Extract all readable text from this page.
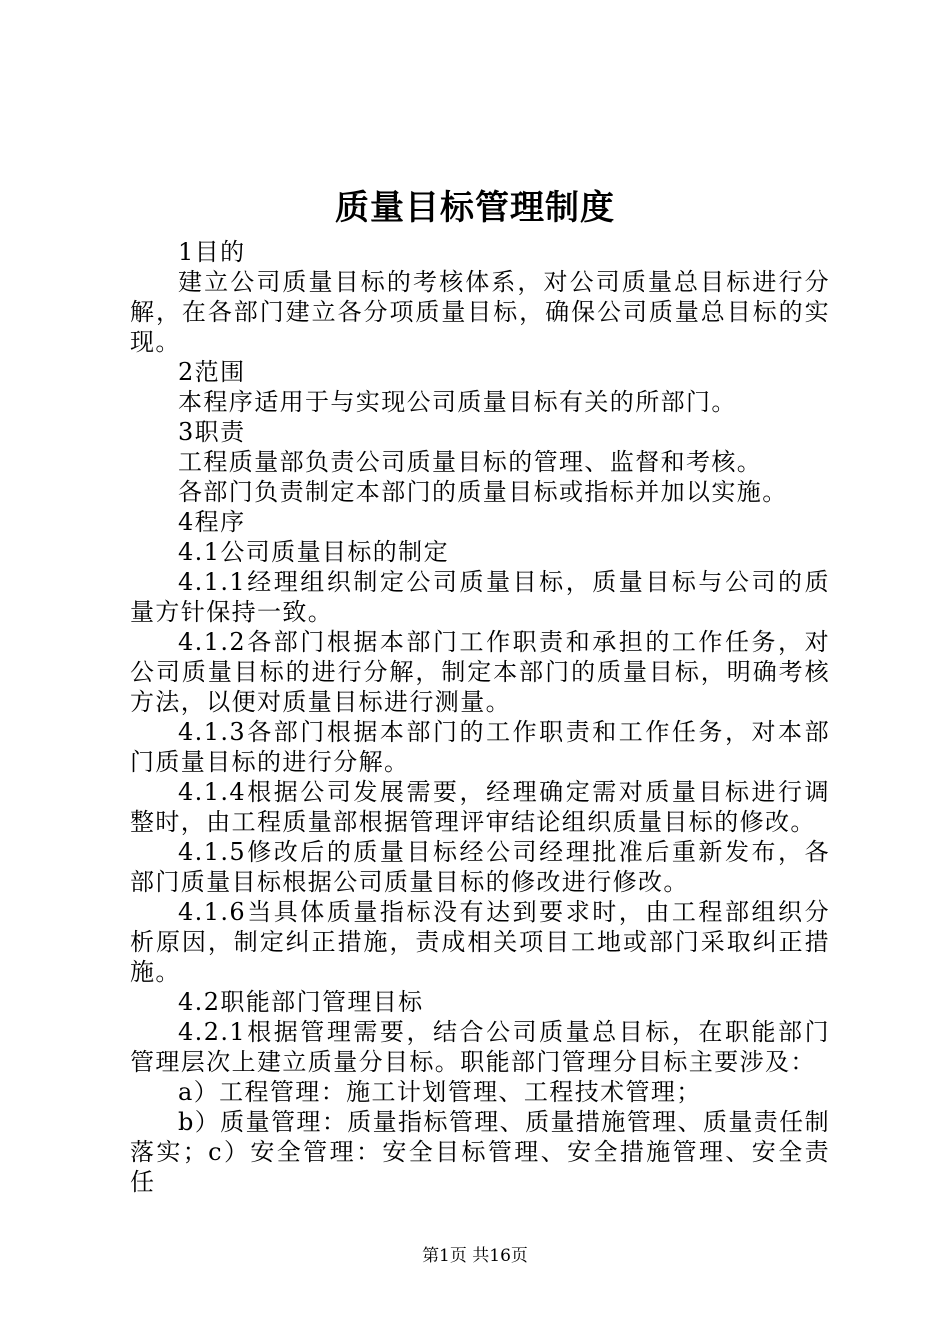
质量目标管理制度

1目的

建立公司质量目标的考核体系，对公司质量总目标进行分解，在各部门建立各分项质量目标，确保公司质量总目标的实现。

2范围

本程序适用于与实现公司质量目标有关的所部门。

3职责

工程质量部负责公司质量目标的管理、监督和考核。

各部门负责制定本部门的质量目标或指标并加以实施。

4程序

4.1公司质量目标的制定

4.1.1经理组织制定公司质量目标，质量目标与公司的质量方针保持一致。

4.1.2各部门根据本部门工作职责和承担的工作任务，对公司质量目标的进行分解，制定本部门的质量目标，明确考核方法，以便对质量目标进行测量。

4.1.3各部门根据本部门的工作职责和工作任务，对本部门质量目标的进行分解。

4.1.4根据公司发展需要，经理确定需对质量目标进行调整时，由工程质量部根据管理评审结论组织质量目标的修改。

4.1.5修改后的质量目标经公司经理批准后重新发布，各部门质量目标根据公司质量目标的修改进行修改。

4.1.6当具体质量指标没有达到要求时，由工程部组织分析原因，制定纠正措施，责成相关项目工地或部门采取纠正措施。

4.2职能部门管理目标

4.2.1根据管理需要，结合公司质量总目标，在职能部门管理层次上建立质量分目标。职能部门管理分目标主要涉及：

a）工程管理：施工计划管理、工程技术管理；

b）质量管理：质量指标管理、质量措施管理、质量责任制落实；c）安全管理：安全目标管理、安全措施管理、安全责任

第1页 共16页
